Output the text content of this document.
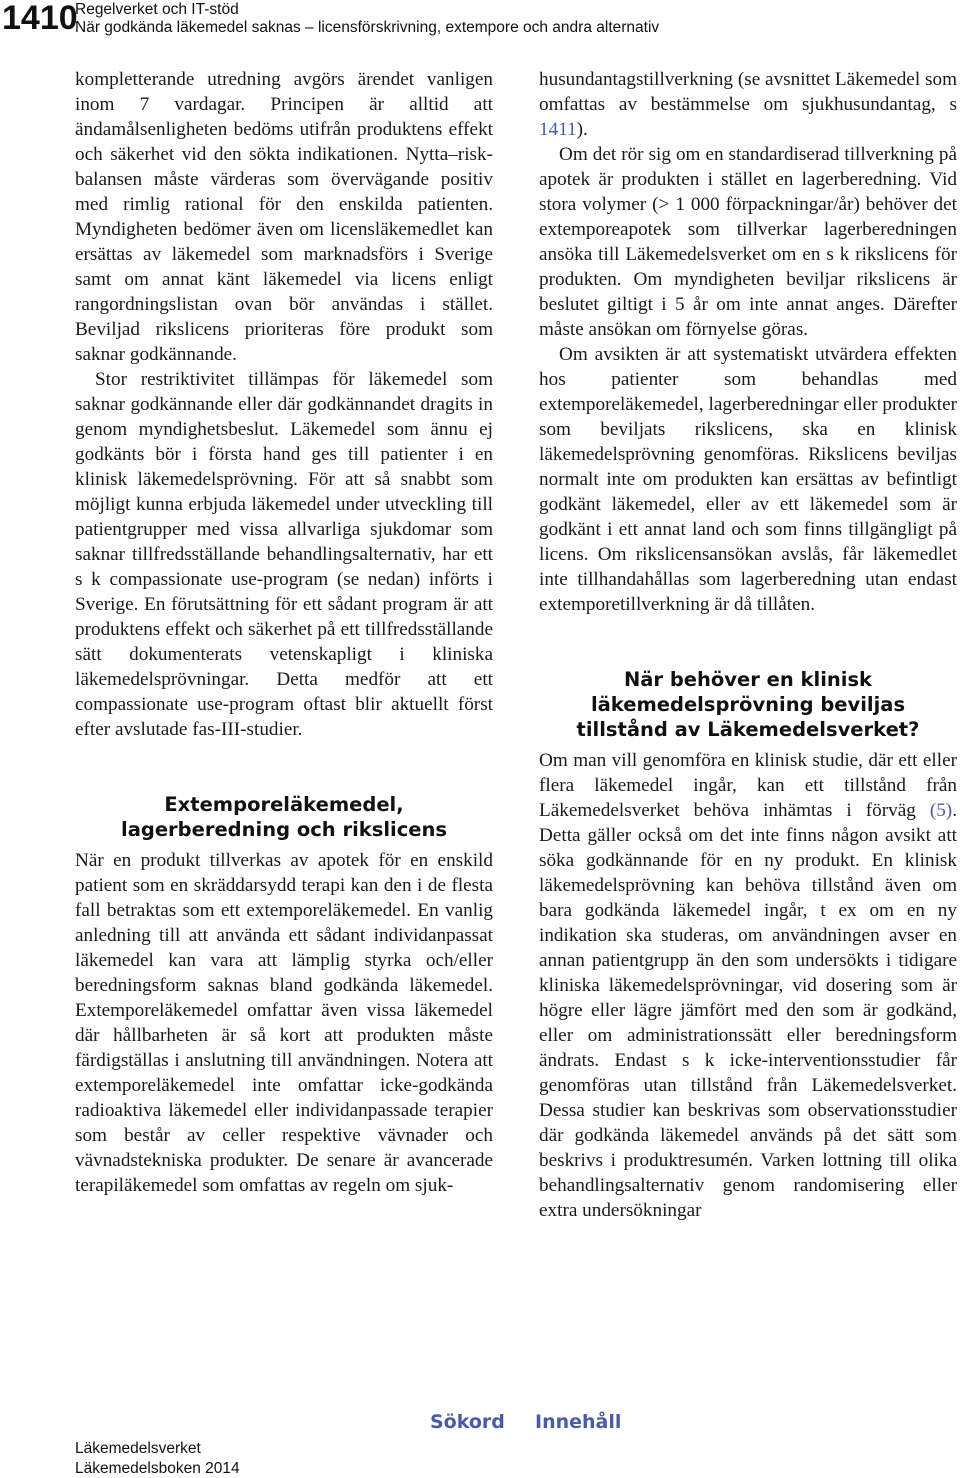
1410
Regelverket och IT-stöd
När godkända läkemedel saknas – licensförskrivning, extempore och andra alternativ

kompletterande utredning avgörs ärendet vanligen inom 7 vardagar. Principen är alltid att ändamålsenligheten bedöms utifrån produktens effekt och säkerhet vid den sökta indikationen. Nytta–risk-balansen måste värderas som övervägande positiv med rimlig rational för den enskilda patienten. Myndigheten bedömer även om licensläkemedlet kan ersättas av läkemedel som marknadsförs i Sverige samt om annat känt läkemedel via licens enligt rangordningslistan ovan bör användas i stället. Beviljad rikslicens prioriteras före produkt som saknar godkännande.

Stor restriktivitet tillämpas för läkemedel som saknar godkännande eller där godkännandet dragits in genom myndighetsbeslut. Läkemedel som ännu ej godkänts bör i första hand ges till patienter i en klinisk läkemedelsprövning. För att så snabbt som möjligt kunna erbjuda läkemedel under utveckling till patientgrupper med vissa allvarliga sjukdomar som saknar tillfredsställande behandlingsalternativ, har ett s k compassionate use-program (se nedan) införts i Sverige. En förutsättning för ett sådant program är att produktens effekt och säkerhet på ett tillfredsställande sätt dokumenterats vetenskapligt i kliniska läkemedelsprövningar. Detta medför att ett compassionate use-program oftast blir aktuellt först efter avslutade fas-III-studier.

Extemporeläkemedel, lagerberedning och rikslicens

När en produkt tillverkas av apotek för en enskild patient som en skräddarsydd terapi kan den i de flesta fall betraktas som ett extemporeläkemedel. En vanlig anledning till att använda ett sådant individanpassat läkemedel kan vara att lämplig styrka och/eller beredningsform saknas bland godkända läkemedel. Extemporeläkemedel omfattar även vissa läkemedel där hållbarheten är så kort att produkten måste färdigställas i anslutning till användningen. Notera att extemporeläkemedel inte omfattar icke-godkända radioaktiva läkemedel eller individanpassade terapier som består av celler respektive vävnader och vävnadstekniska produkter. De senare är avancerade terapiläkemedel som omfattas av regeln om sjuk-

husundantagstillverkning (se avsnittet Läkemedel som omfattas av bestämmelse om sjukhusundantag, s 1411).

Om det rör sig om en standardiserad tillverkning på apotek är produkten i stället en lagerberedning. Vid stora volymer (> 1 000 förpackningar/år) behöver det extemporeapotek som tillverkar lagerberedningen ansöka till Läkemedelsverket om en s k rikslicens för produkten. Om myndigheten beviljar rikslicens är beslutet giltigt i 5 år om inte annat anges. Därefter måste ansökan om förnyelse göras.

Om avsikten är att systematiskt utvärdera effekten hos patienter som behandlas med extemporeläkemedel, lagerberedningar eller produkter som beviljats rikslicens, ska en klinisk läkemedelsprövning genomföras. Rikslicens beviljas normalt inte om produkten kan ersättas av befintligt godkänt läkemedel, eller av ett läkemedel som är godkänt i ett annat land och som finns tillgängligt på licens. Om rikslicensansökan avslås, får läkemedlet inte tillhandahållas som lagerberedning utan endast extemporetillverkning är då tillåten.

När behöver en klinisk läkemedelsprövning beviljas tillstånd av Läkemedelsverket?

Om man vill genomföra en klinisk studie, där ett eller flera läkemedel ingår, kan ett tillstånd från Läkemedelsverket behöva inhämtas i förväg (5). Detta gäller också om det inte finns någon avsikt att söka godkännande för en ny produkt. En klinisk läkemedelsprövning kan behöva tillstånd även om bara godkända läkemedel ingår, t ex om en ny indikation ska studeras, om användningen avser en annan patientgrupp än den som undersökts i tidigare kliniska läkemedelsprövningar, vid dosering som är högre eller lägre jämfört med den som är godkänd, eller om administrationssätt eller beredningsform ändrats. Endast s k icke-interventionsstudier får genomföras utan tillstånd från Läkemedelsverket. Dessa studier kan beskrivas som observationsstudier där godkända läkemedel används på det sätt som beskrivs i produktresumén. Varken lottning till olika behandlingsalternativ genom randomisering eller extra undersökningar

Sökord Innehåll
Läkemedelsverket
Läkemedelsboken 2014
